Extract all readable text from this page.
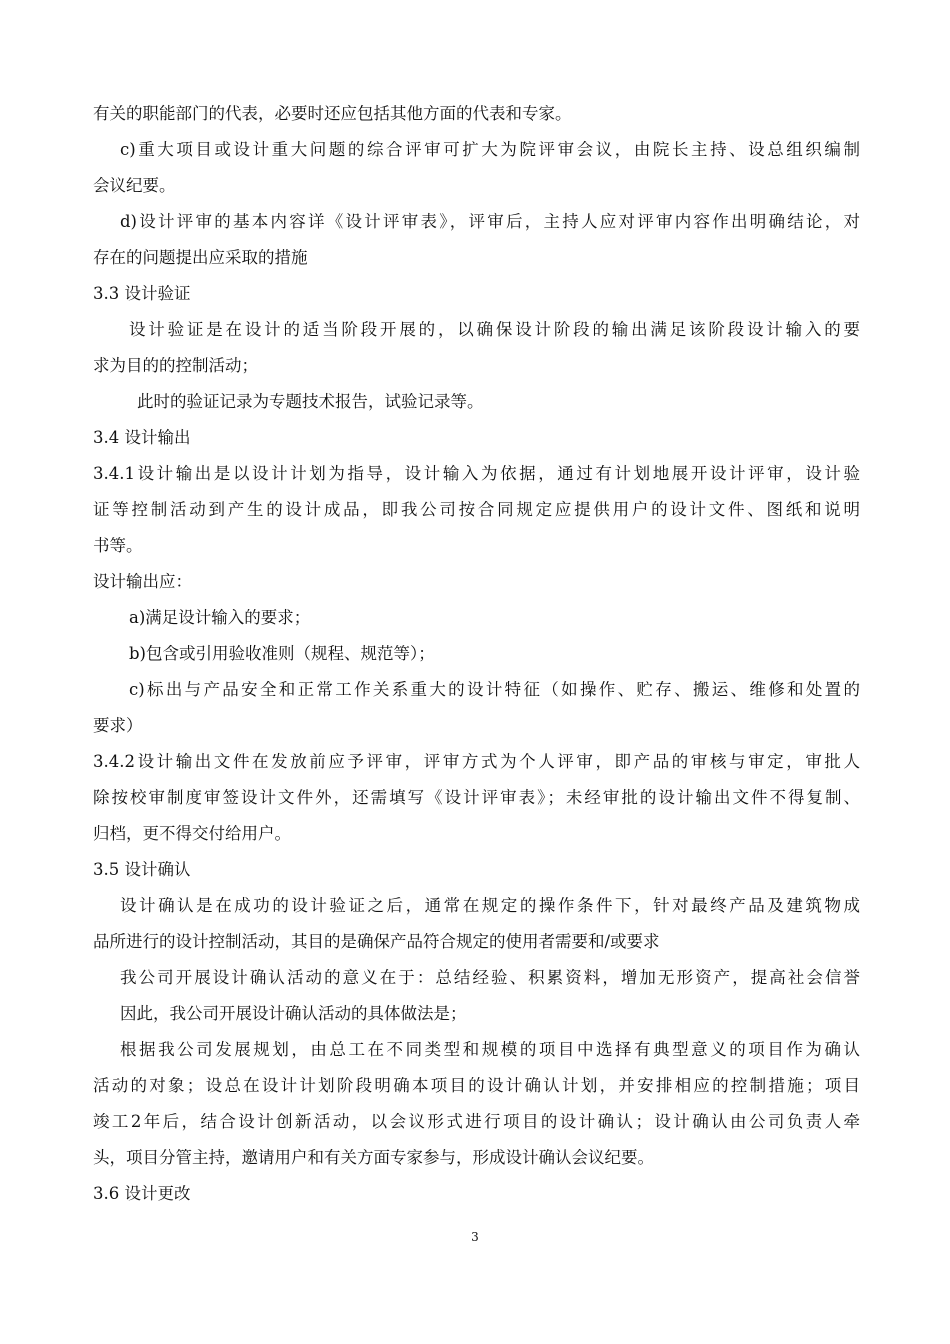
有关的职能部门的代表，必要时还应包括其他方面的代表和专家。
c)重大项目或设计重大问题的综合评审可扩大为院评审会议，由院长主持、设总组织编制
会议纪要。
d)设计评审的基本内容详《设计评审表》，评审后，主持人应对评审内容作出明确结论，对
存在的问题提出应采取的措施
3.3 设计验证
设计验证是在设计的适当阶段开展的，以确保设计阶段的输出满足该阶段设计输入的要
求为目的的控制活动；
此时的验证记录为专题技术报告，试验记录等。
3.4 设计输出
3.4.1设计输出是以设计计划为指导，设计输入为依据，通过有计划地展开设计评审，设计验
证等控制活动到产生的设计成品，即我公司按合同规定应提供用户的设计文件、图纸和说明
书等。
设计输出应：
a)满足设计输入的要求；
b)包含或引用验收准则（规程、规范等）；
c)标出与产品安全和正常工作关系重大的设计特征（如操作、贮存、搬运、维修和处置的
要求）
3.4.2设计输出文件在发放前应予评审，评审方式为个人评审，即产品的审核与审定，审批人
除按校审制度审签设计文件外，还需填写《设计评审表》；未经审批的设计输出文件不得复制、
归档，更不得交付给用户。
3.5 设计确认
设计确认是在成功的设计验证之后，通常在规定的操作条件下，针对最终产品及建筑物成
品所进行的设计控制活动，其目的是确保产品符合规定的使用者需要和/或要求
我公司开展设计确认活动的意义在于：总结经验、积累资料，增加无形资产，提高社会信誉
因此，我公司开展设计确认活动的具体做法是；
根据我公司发展规划，由总工在不同类型和规模的项目中选择有典型意义的项目作为确认
活动的对象；设总在设计计划阶段明确本项目的设计确认计划，并安排相应的控制措施；项目
竣工2年后，结合设计创新活动，以会议形式进行项目的设计确认；设计确认由公司负责人牵
头，项目分管主持，邀请用户和有关方面专家参与，形成设计确认会议纪要。
3.6 设计更改
3
